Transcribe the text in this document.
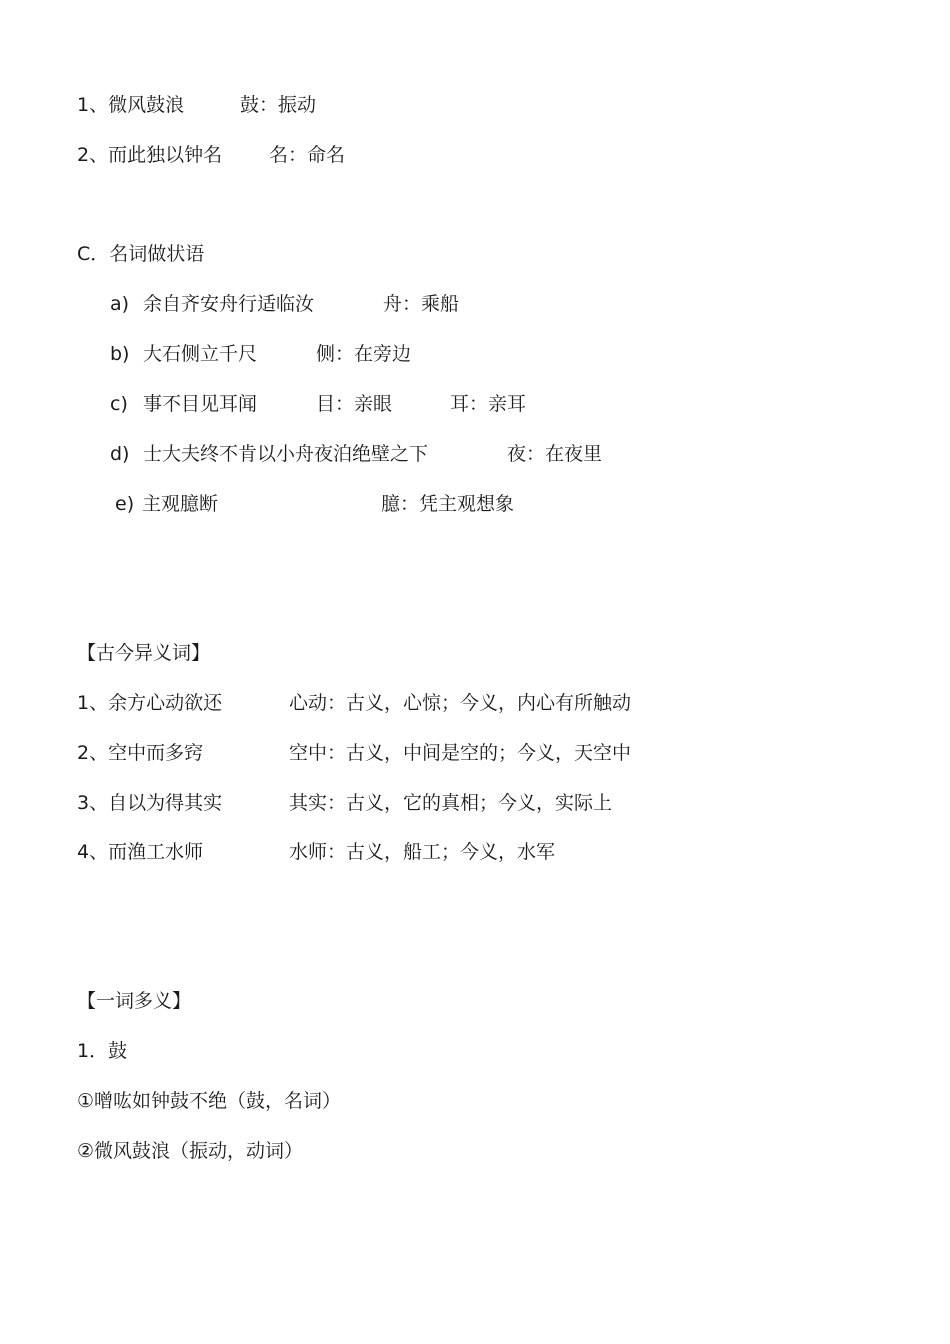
1、微风鼓浪	鼓：振动
2、而此独以钟名 名：命名
C．名词做状语
a) 余自齐安舟行适临汝	舟：乘船
b) 大石侧立千尺	侧：在旁边
c) 事不目见耳闻	目：亲眼	耳：亲耳
d) 士大夫终不肯以小舟夜泊绝壁之下	夜：在夜里
e) 主观臆断	臆：凭主观想象
【古今异义词】
1、余方心动欲还	心动：古义，心惊；今义，内心有所触动
2、空中而多窍	空中：古义，中间是空的；今义，天空中
3、自以为得其实	其实：古义，它的真相；今义，实际上
4、而渔工水师	水师：古义，船工；今义，水军
【一词多义】
1．鼓
①噌吰如钟鼓不绝（鼓，名词）
②微风鼓浪（振动，动词）
